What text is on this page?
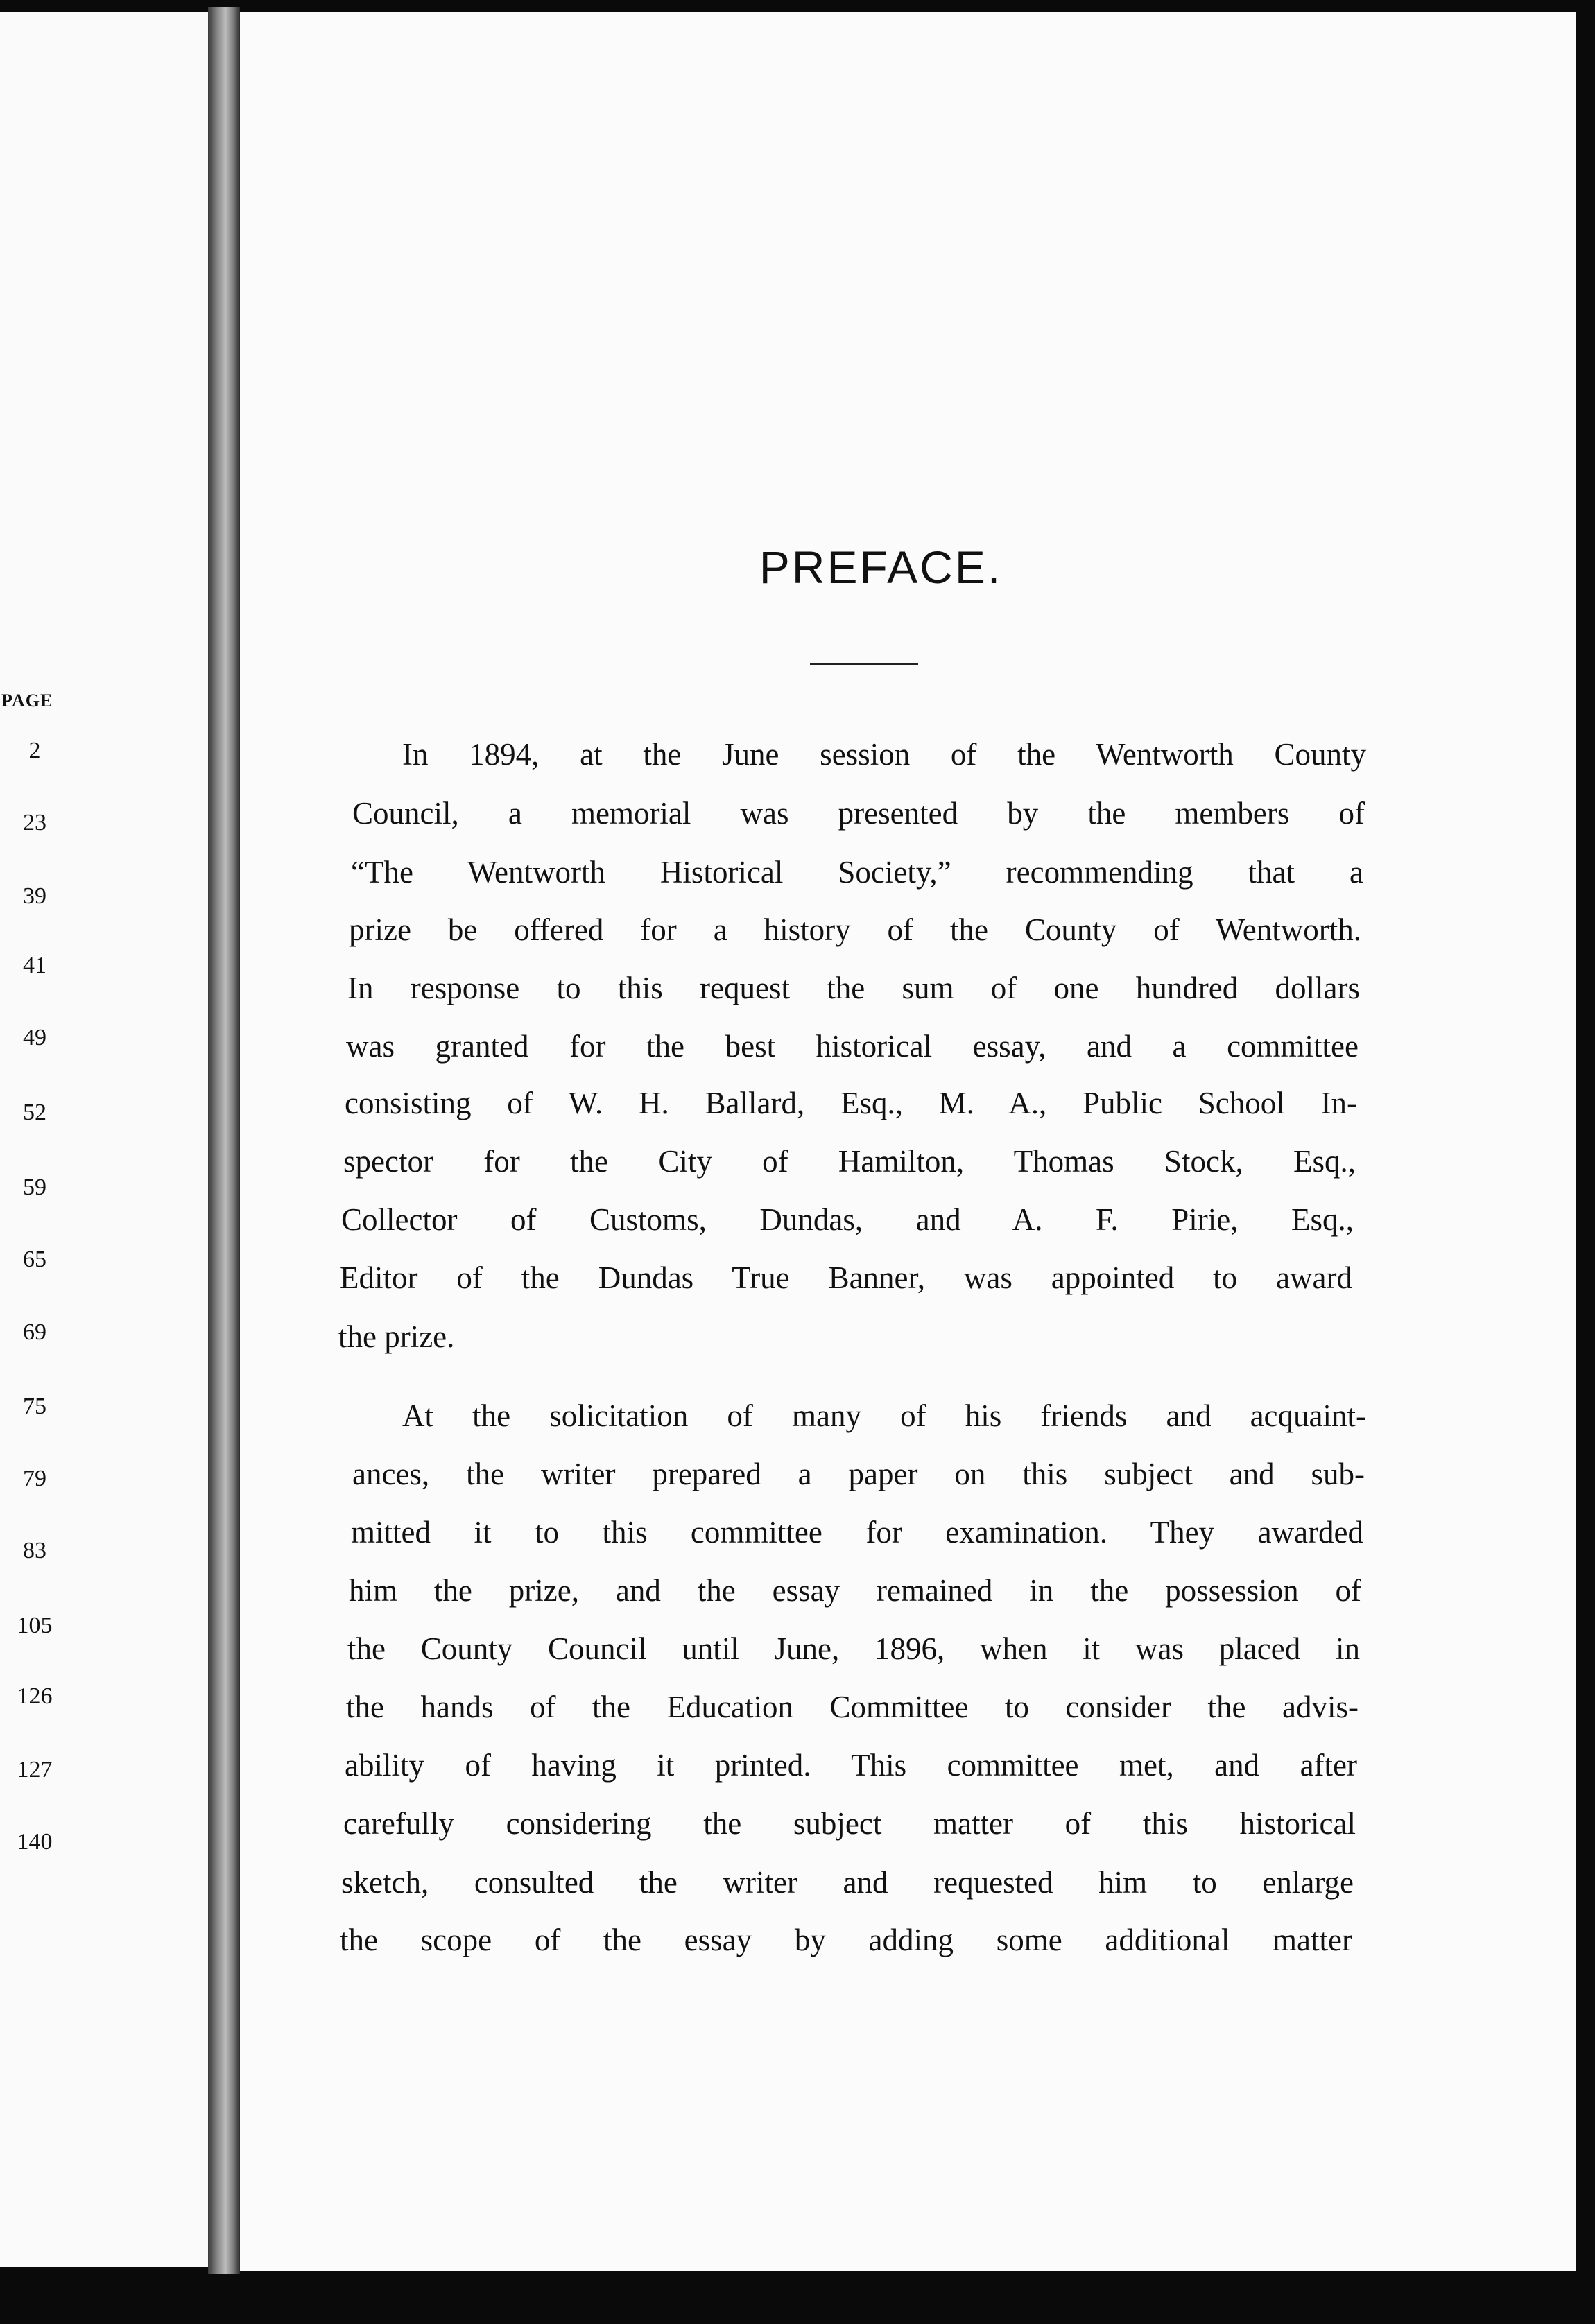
PAGE
2
23
39
41
49
52
59
65
69
75
79
83
105
126
127
140
PREFACE.
In 1894, at the June session of the Wentworth County
Council, a memorial was presented by the members of
“The Wentworth Historical Society,” recommending that a
prize be offered for a history of the County of Wentworth.
In response to this request the sum of one hundred dollars
was granted for the best historical essay, and a committee
consisting of W. H. Ballard, Esq., M. A., Public School In-
spector for the City of Hamilton, Thomas Stock, Esq.,
Collector of Customs, Dundas, and A. F. Pirie, Esq.,
Editor of the Dundas True Banner, was appointed to award
the prize.
At the solicitation of many of his friends and acquaint-
ances, the writer prepared a paper on this subject and sub-
mitted it to this committee for examination. They awarded
him the prize, and the essay remained in the possession of
the County Council until June, 1896, when it was placed in
the hands of the Education Committee to consider the advis-
ability of having it printed. This committee met, and after
carefully considering the subject matter of this historical
sketch, consulted the writer and requested him to enlarge
the scope of the essay by adding some additional matter
